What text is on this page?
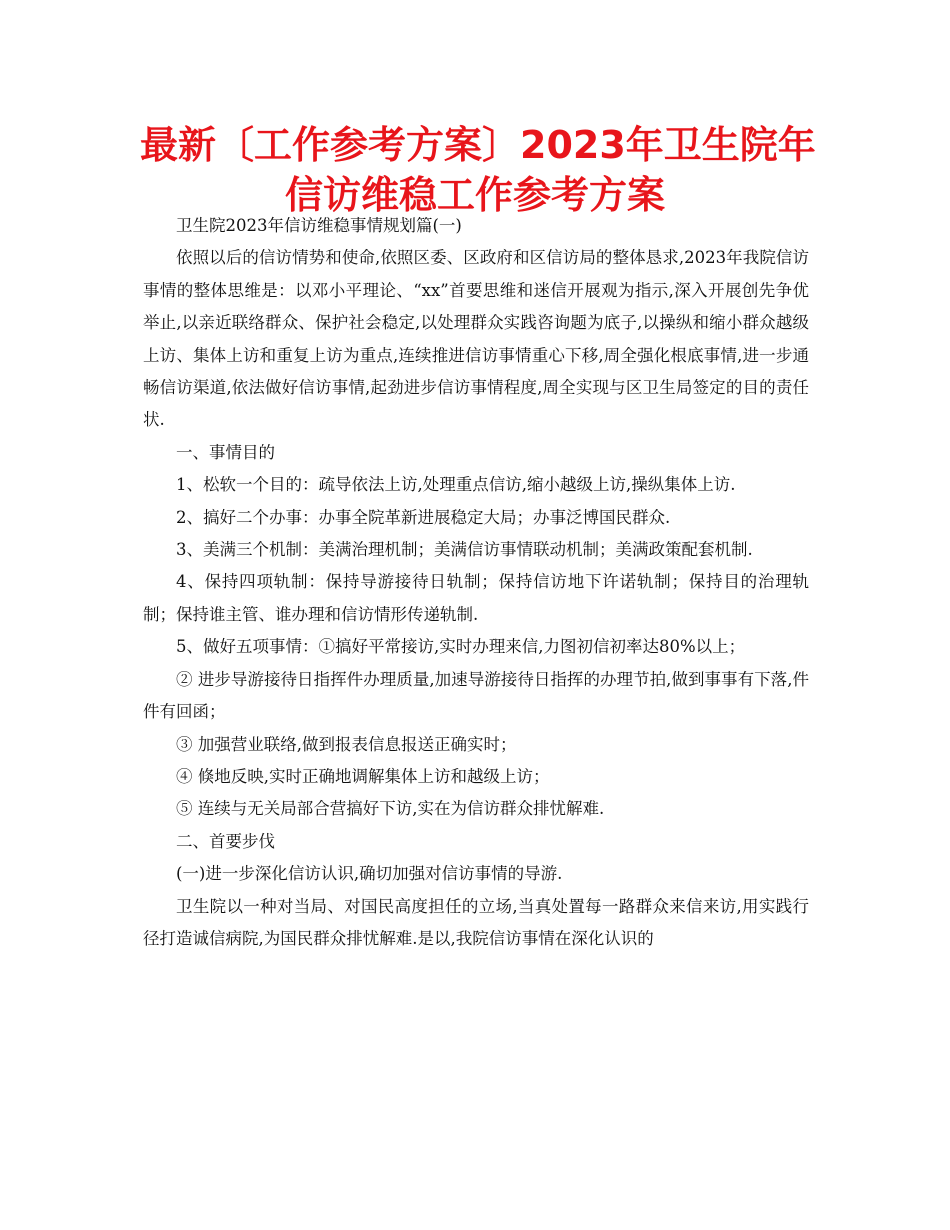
最新〔工作参考方案〕2023年卫生院年
信访维稳工作参考方案

卫生院2023年信访维稳事情规划篇(一)

依照以后的信访情势和使命,依照区委、区政府和区信访局的整体恳求,2023年我院信访事情的整体思维是：以邓小平理论、“xx”首要思维和迷信开展观为指示,深入开展创先争优举止,以亲近联络群众、保护社会稳定,以处理群众实践咨询题为底子,以操纵和缩小群众越级上访、集体上访和重复上访为重点,连续推进信访事情重心下移,周全强化根底事情,进一步通畅信访渠道,依法做好信访事情,起劲进步信访事情程度,周全实现与区卫生局签定的目的责任状.

一、事情目的

1、松软一个目的：疏导依法上访,处理重点信访,缩小越级上访,操纵集体上访.

2、搞好二个办事：办事全院革新进展稳定大局；办事泛博国民群众.

3、美满三个机制：美满治理机制；美满信访事情联动机制；美满政策配套机制.

4、保持四项轨制：保持导游接待日轨制；保持信访地下许诺轨制；保持目的治理轨制；保持谁主管、谁办理和信访情形传递轨制.

5、做好五项事情：①搞好平常接访,实时办理来信,力图初信初率达80%以上；

② 进步导游接待日指挥件办理质量,加速导游接待日指挥的办理节拍,做到事事有下落,件件有回函；

③ 加强营业联络,做到报表信息报送正确实时；

④ 倏地反映,实时正确地调解集体上访和越级上访；

⑤ 连续与无关局部合营搞好下访,实在为信访群众排忧解难.

二、首要步伐

(一)进一步深化信访认识,确切加强对信访事情的导游.

卫生院以一种对当局、对国民高度担任的立场,当真处置每一路群众来信来访,用实践行径打造诚信病院,为国民群众排忧解难.是以,我院信访事情在深化认识的
